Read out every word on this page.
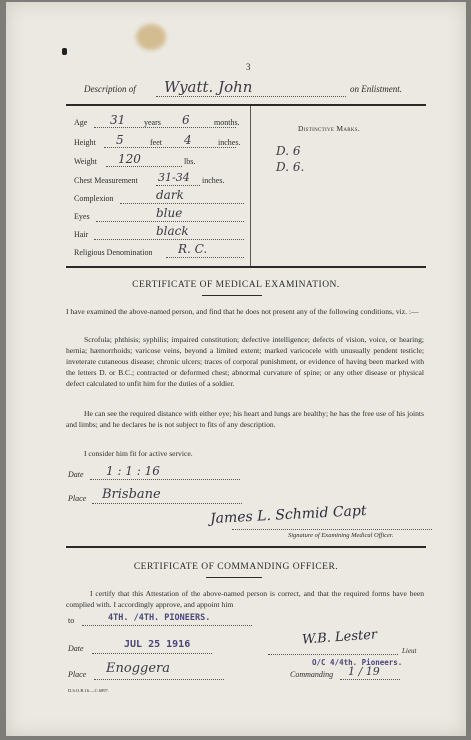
3
Description of Wyatt. John	on Enlistment.
Age 31 years 6	months.
Height 5	feet 4	inches.
Weight 120	lbs.
Chest Measurement 31-34 inches.
Complexion	dark
Eyes	blue
Hair	black
Religious Denomination R. C.
Distinctive Marks.
D. 6
D. 6.
CERTIFICATE OF MEDICAL EXAMINATION.
I have examined the above-named person, and find that he does not present any of the following conditions, viz. :—
Scrofula; phthisis; syphilis; impaired constitution; defective intelligence; defects of vision, voice, or hearing; hernia; hæmorrhoids; varicose veins, beyond a limited extent; marked varicocele with unusually pendent testicle; inveterate cutaneous disease; chronic ulcers; traces of corporal punishment, or evidence of having been marked with the letters D. or B.C.; contracted or deformed chest; abnormal curvature of spine; or any other disease or physical defect calculated to unfit him for the duties of a soldier.
He can see the required distance with either eye; his heart and lungs are healthy; he has the free use of his joints and limbs; and he declares he is not subject to fits of any description.
I consider him fit for active service.
Date 1 : 1 : 16
Place Brisbane
James L. Schmid Capt
Signature of Examining Medical Officer.
CERTIFICATE OF COMMANDING OFFICER.
I certify that this Attestation of the above-named person is correct, and that the required forms have been complied with. I accordingly approve, and appoint him
to	4TH. /4TH. PIONEERS.
Date	JUL 25 1916	W.B. Lester
Lieut
O/C 4/4th. Pioneers.
Place Enoggera	Commanding 1 / 19
D.S.O.B.16.—C.6897.
